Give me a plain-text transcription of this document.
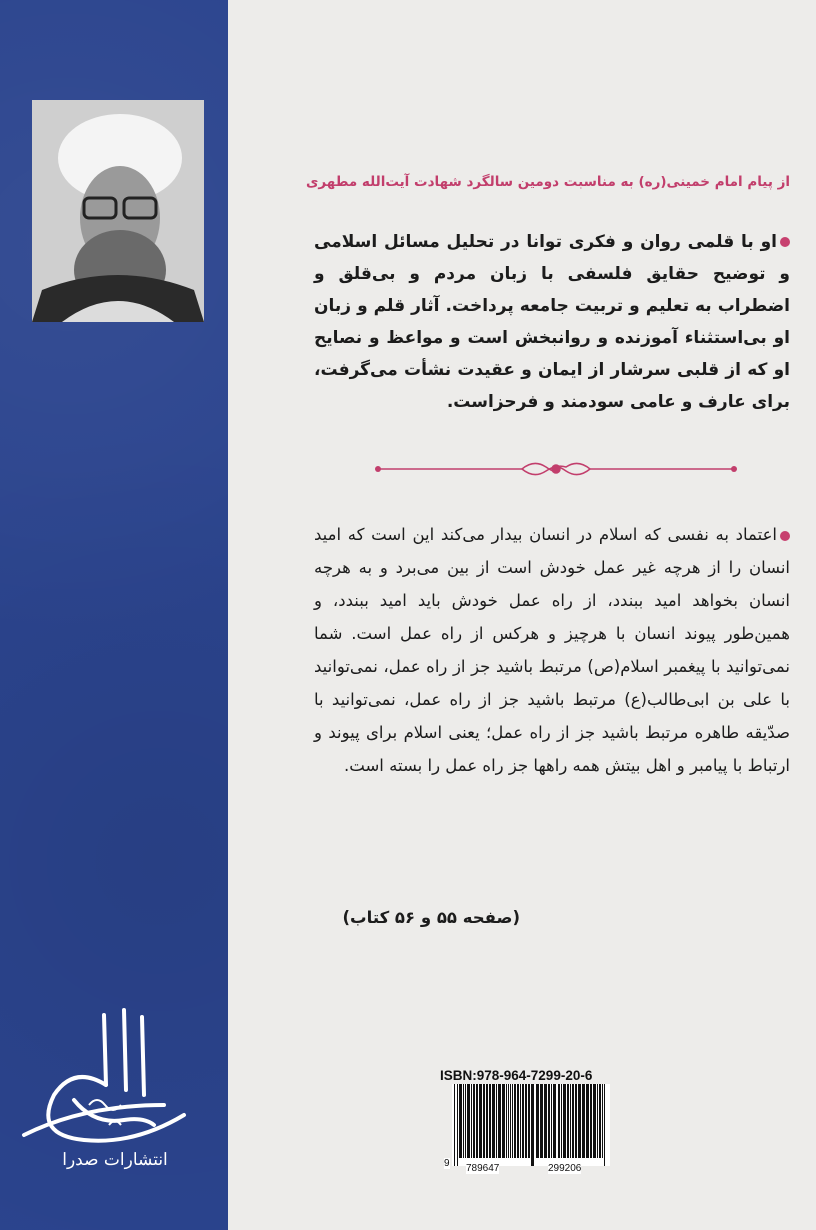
از پیام امام خمینی(ره) به مناسبت دومین سالگرد شهادت آیت‌الله مطهری
او با قلمی روان و فکری توانا در تحلیل مسائل اسلامی و توضیح حقایق فلسفی با زبان مردم و بی‌قلق و اضطراب به تعلیم و تربیت جامعه پرداخت. آثار قلم و زبان او بی‌استثناء آموزنده و روانبخش است و مواعظ و نصایح او که از قلبی سرشار از ایمان و عقیدت نشأت می‌گرفت، برای عارف و عامی سودمند و فرحزاست.
اعتماد به نفسی که اسلام در انسان بیدار می‌کند این است که امید انسان را از هرچه غیر عمل خودش است از بین می‌برد و به هرچه انسان بخواهد امید ببندد، از راه عمل خودش باید امید ببندد، و همین‌طور پیوند انسان با هرچیز و هرکس از راه عمل است. شما نمی‌توانید با پیغمبر اسلام(ص) مرتبط باشید جز از راه عمل، نمی‌توانید با علی بن ابی‌طالب(ع) مرتبط باشید جز از راه عمل، نمی‌توانید با صدّیقه طاهره مرتبط باشید جز از راه عمل؛ یعنی اسلام برای پیوند و ارتباط با پیامبر و اهل بیتش همه راهها جز راه عمل را بسته است.
(صفحه ۵۵ و ۵۶ کتاب)
انتشارات صدرا
ISBN:978-964-7299-20-6
9 789647	299206
